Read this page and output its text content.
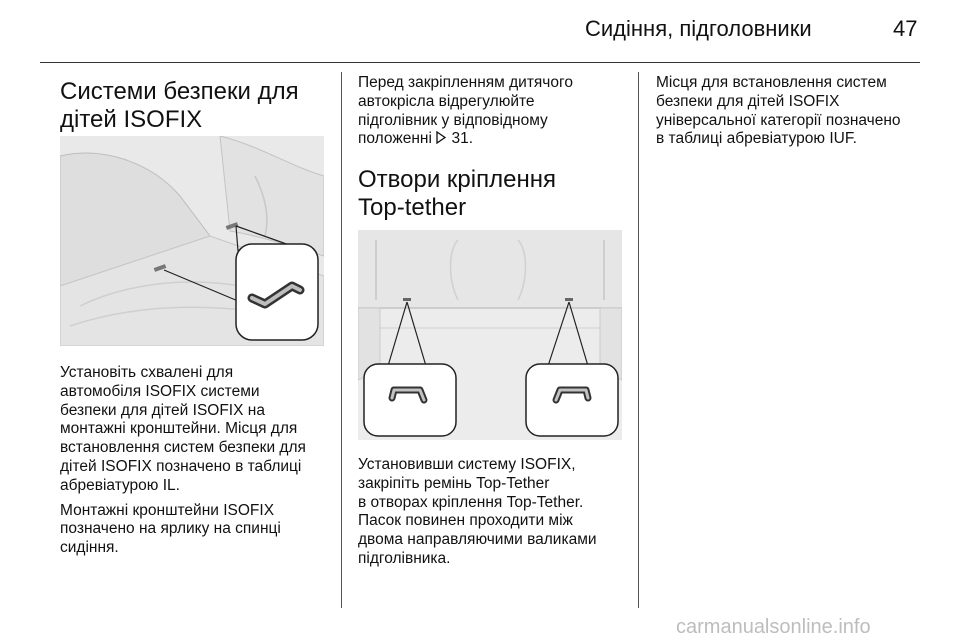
Сидіння, підголовники	47
Системи безпеки для
дітей ISOFIX

Установіть схвалені для
автомобіля ISOFIX системи
безпеки для дітей ISOFIX на
монтажні кронштейни. Місця для
встановлення систем безпеки для
дітей ISOFIX позначено в таблиці
абревіатурою IL.

Монтажні кронштейни ISOFIX
позначено на ярлику на спинці
сидіння.

Перед закріпленням дитячого
автокрісла відрегулюйте
підголівник у відповідному
положенні 31.

Отвори кріплення
Top-tether

Установивши систему ISOFIX,
закріпіть ремінь Top-Tether
в отворах кріплення Top-Tether.
Пасок повинен проходити між
двома направляючими валиками
підголівника.

Місця для встановлення систем
безпеки для дітей ISOFIX
універсальної категорії позначено
в таблиці абревіатурою IUF.

carmanualsonline.info
